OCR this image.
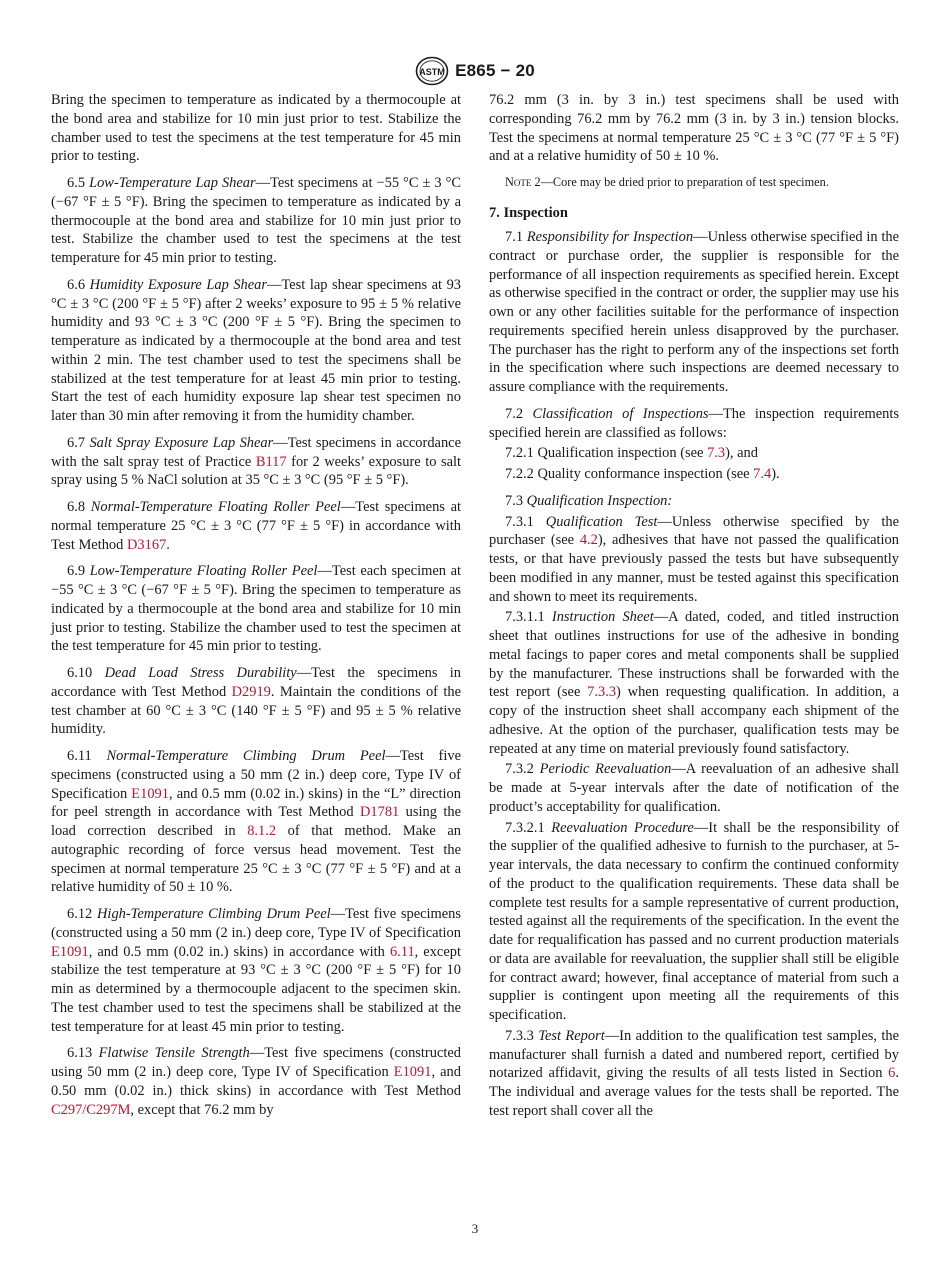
ASTM E865 − 20

Bring the specimen to temperature as indicated by a thermocouple at the bond area and stabilize for 10 min just prior to test. Stabilize the chamber used to test the specimens at the test temperature for 45 min prior to testing.

6.5 Low-Temperature Lap Shear—Test specimens at −55 °C ± 3 °C (−67 °F ± 5 °F). Bring the specimen to temperature as indicated by a thermocouple at the bond area and stabilize for 10 min just prior to test. Stabilize the chamber used to test the specimens at the test temperature for 45 min prior to testing.

6.6 Humidity Exposure Lap Shear—Test lap shear specimens at 93 °C ± 3 °C (200 °F ± 5 °F) after 2 weeks’ exposure to 95 ± 5 % relative humidity and 93 °C ± 3 °C (200 °F ± 5 °F). Bring the specimen to temperature as indicated by a thermocouple at the bond area and test within 2 min. The test chamber used to test the specimens shall be stabilized at the test temperature for at least 45 min prior to testing. Start the test of each humidity exposure lap shear test specimen no later than 30 min after removing it from the humidity chamber.

6.7 Salt Spray Exposure Lap Shear—Test specimens in accordance with the salt spray test of Practice B117 for 2 weeks’ exposure to salt spray using 5 % NaCl solution at 35 °C ± 3 °C (95 °F ± 5 °F).

6.8 Normal-Temperature Floating Roller Peel—Test specimens at normal temperature 25 °C ± 3 °C (77 °F ± 5 °F) in accordance with Test Method D3167.

6.9 Low-Temperature Floating Roller Peel—Test each specimen at −55 °C ± 3 °C (−67 °F ± 5 °F). Bring the specimen to temperature as indicated by a thermocouple at the bond area and stabilize for 10 min just prior to testing. Stabilize the chamber used to test the specimen at the test temperature for 45 min prior to testing.

6.10 Dead Load Stress Durability—Test the specimens in accordance with Test Method D2919. Maintain the conditions of the test chamber at 60 °C ± 3 °C (140 °F ± 5 °F) and 95 ± 5 % relative humidity.

6.11 Normal-Temperature Climbing Drum Peel—Test five specimens (constructed using a 50 mm (2 in.) deep core, Type IV of Specification E1091, and 0.5 mm (0.02 in.) skins) in the “L” direction for peel strength in accordance with Test Method D1781 using the load correction described in 8.1.2 of that method. Make an autographic recording of force versus head movement. Test the specimen at normal temperature 25 °C ± 3 °C (77 °F ± 5 °F) and at a relative humidity of 50 ± 10 %.

6.12 High-Temperature Climbing Drum Peel—Test five specimens (constructed using a 50 mm (2 in.) deep core, Type IV of Specification E1091, and 0.5 mm (0.02 in.) skins) in accordance with 6.11, except stabilize the test temperature at 93 °C ± 3 °C (200 °F ± 5 °F) for 10 min as determined by a thermocouple adjacent to the specimen skin. The test chamber used to test the specimens shall be stabilized at the test temperature for at least 45 min prior to testing.

6.13 Flatwise Tensile Strength—Test five specimens (constructed using 50 mm (2 in.) deep core, Type IV of Specification E1091, and 0.50 mm (0.02 in.) thick skins) in accordance with Test Method C297/C297M, except that 76.2 mm by

76.2 mm (3 in. by 3 in.) test specimens shall be used with corresponding 76.2 mm by 76.2 mm (3 in. by 3 in.) tension blocks. Test the specimens at normal temperature 25 °C ± 3 °C (77 °F ± 5 °F) and at a relative humidity of 50 ± 10 %.

Note 2—Core may be dried prior to preparation of test specimen.

7. Inspection

7.1 Responsibility for Inspection—Unless otherwise specified in the contract or purchase order, the supplier is responsible for the performance of all inspection requirements as specified herein. Except as otherwise specified in the contract or order, the supplier may use his own or any other facilities suitable for the performance of inspection requirements specified herein unless disapproved by the purchaser. The purchaser has the right to perform any of the inspections set forth in the specification where such inspections are deemed necessary to assure compliance with the requirements.

7.2 Classification of Inspections—The inspection requirements specified herein are classified as follows:

7.2.1 Qualification inspection (see 7.3), and

7.2.2 Quality conformance inspection (see 7.4).

7.3 Qualification Inspection:

7.3.1 Qualification Test—Unless otherwise specified by the purchaser (see 4.2), adhesives that have not passed the qualification tests, or that have previously passed the tests but have subsequently been modified in any manner, must be tested against this specification and shown to meet its requirements.

7.3.1.1 Instruction Sheet—A dated, coded, and titled instruction sheet that outlines instructions for use of the adhesive in bonding metal facings to paper cores and metal components shall be supplied by the manufacturer. These instructions shall be forwarded with the test report (see 7.3.3) when requesting qualification. In addition, a copy of the instruction sheet shall accompany each shipment of the adhesive. At the option of the purchaser, qualification tests may be repeated at any time on material previously found satisfactory.

7.3.2 Periodic Reevaluation—A reevaluation of an adhesive shall be made at 5-year intervals after the date of notification of the product’s acceptability for qualification.

7.3.2.1 Reevaluation Procedure—It shall be the responsibility of the supplier of the qualified adhesive to furnish to the purchaser, at 5-year intervals, the data necessary to confirm the continued conformity of the product to the qualification requirements. These data shall be complete test results for a sample representative of current production, tested against all the requirements of the specification. In the event the date for requalification has passed and no current production materials or data are available for reevaluation, the supplier shall still be eligible for contract award; however, final acceptance of material from such a supplier is contingent upon meeting all the requirements of this specification.

7.3.3 Test Report—In addition to the qualification test samples, the manufacturer shall furnish a dated and numbered report, certified by notarized affidavit, giving the results of all tests listed in Section 6. The individual and average values for the tests shall be reported. The test report shall cover all the

3
